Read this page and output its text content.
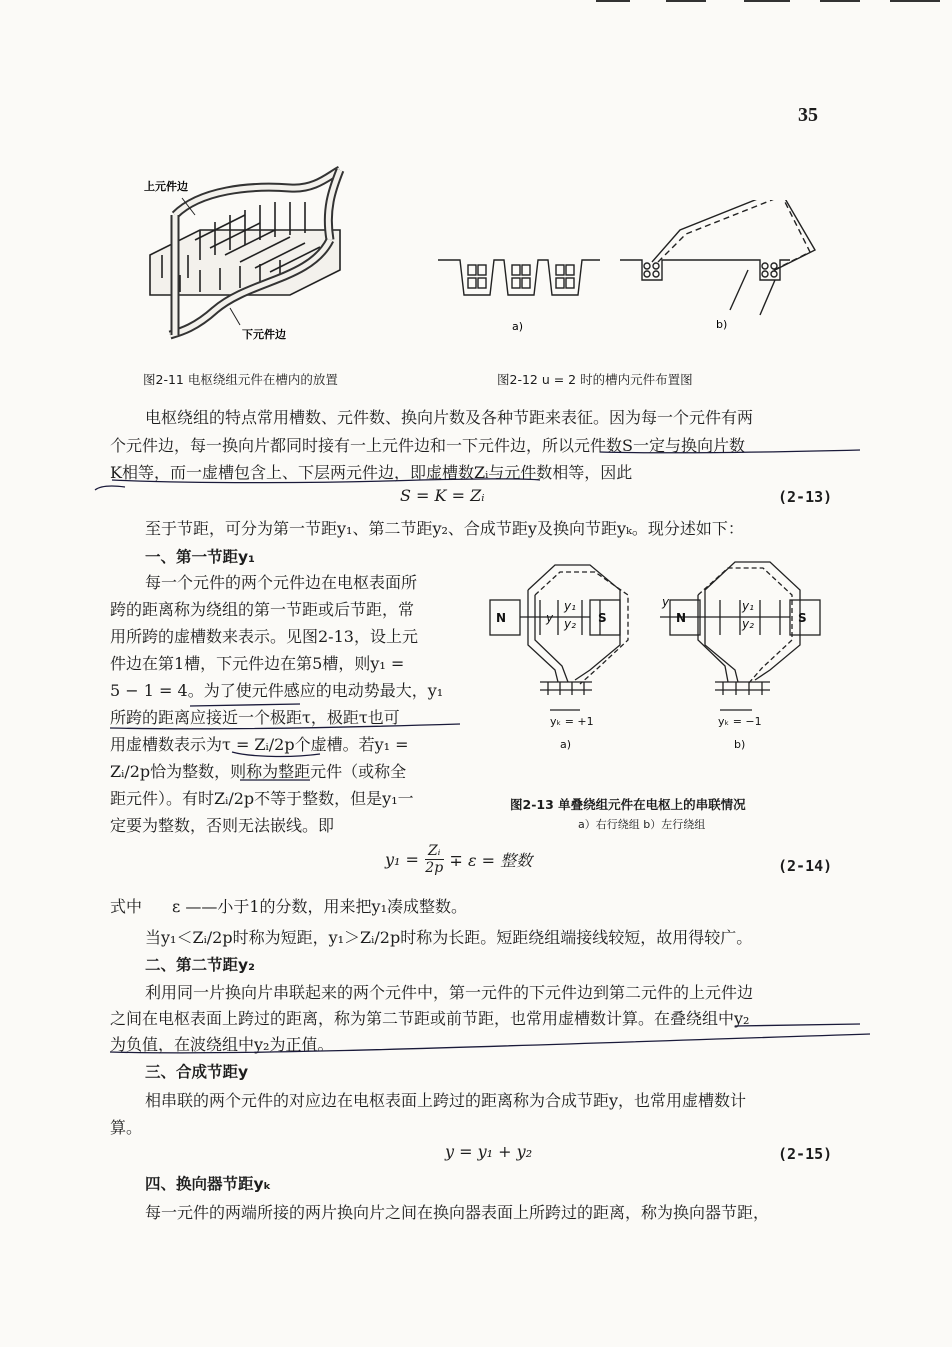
35
上元件边
下元件边
图2-11 电枢绕组元件在槽内的放置
a)	b)
图2-12 u = 2 时的槽内元件布置图
电枢绕组的特点常用槽数、元件数、换向片数及各种节距来表征。因为每一个元件有两
个元件边，每一换向片都同时接有一上元件边和一下元件边，所以元件数S一定与换向片数
K相等，而一虚槽包含上、下层两元件边，即虚槽数Zᵢ与元件数相等，因此
S = K = Zᵢ	(2-13)
至于节距，可分为第一节距y₁、第二节距y₂、合成节距y及换向节距yₖ。现分述如下：
一、第一节距y₁
每一个元件的两个元件边在电枢表面所
跨的距离称为绕组的第一节距或后节距，常
用所跨的虚槽数来表示。见图2-13，设上元
件边在第1槽，下元件边在第5槽，则y₁ =
5 − 1 = 4。为了使元件感应的电动势最大，y₁
所跨的距离应接近一个极距τ，极距τ也可
用虚槽数表示为τ = Zᵢ/2p个虚槽。若y₁ =
Zᵢ/2p恰为整数，则称为整距元件（或称全
距元件）。有时Zᵢ/2p不等于整数，但是y₁一
定要为整数，否则无法嵌线。即
N	S
y
y₁
y₂
yₖ = +1
a)
N	S
y	y₁
y₂
yₖ = −1
b)
图2-13 单叠绕组元件在电枢上的串联情况
a）右行绕组 b）左行绕组
$y_1 = \frac{\text{Zᵢ}}{2p} \mp \varepsilon$ = 整数	(2-14)
式中 ε ——小于1的分数，用来把y₁凑成整数。
当y₁＜Zᵢ/2p时称为短距，y₁＞Zᵢ/2p时称为长距。短距绕组端接线较短，故用得较广。
二、第二节距y₂
利用同一片换向片串联起来的两个元件中，第一元件的下元件边到第二元件的上元件边
之间在电枢表面上跨过的距离，称为第二节距或前节距，也常用虚槽数计算。在叠绕组中y₂
为负值，在波绕组中y₂为正值。
三、合成节距y
相串联的两个元件的对应边在电枢表面上跨过的距离称为合成节距y，也常用虚槽数计
算。
y = y₁ + y₂	(2-15)
四、换向器节距yₖ
每一元件的两端所接的两片换向片之间在换向器表面上所跨过的距离，称为换向器节距，
